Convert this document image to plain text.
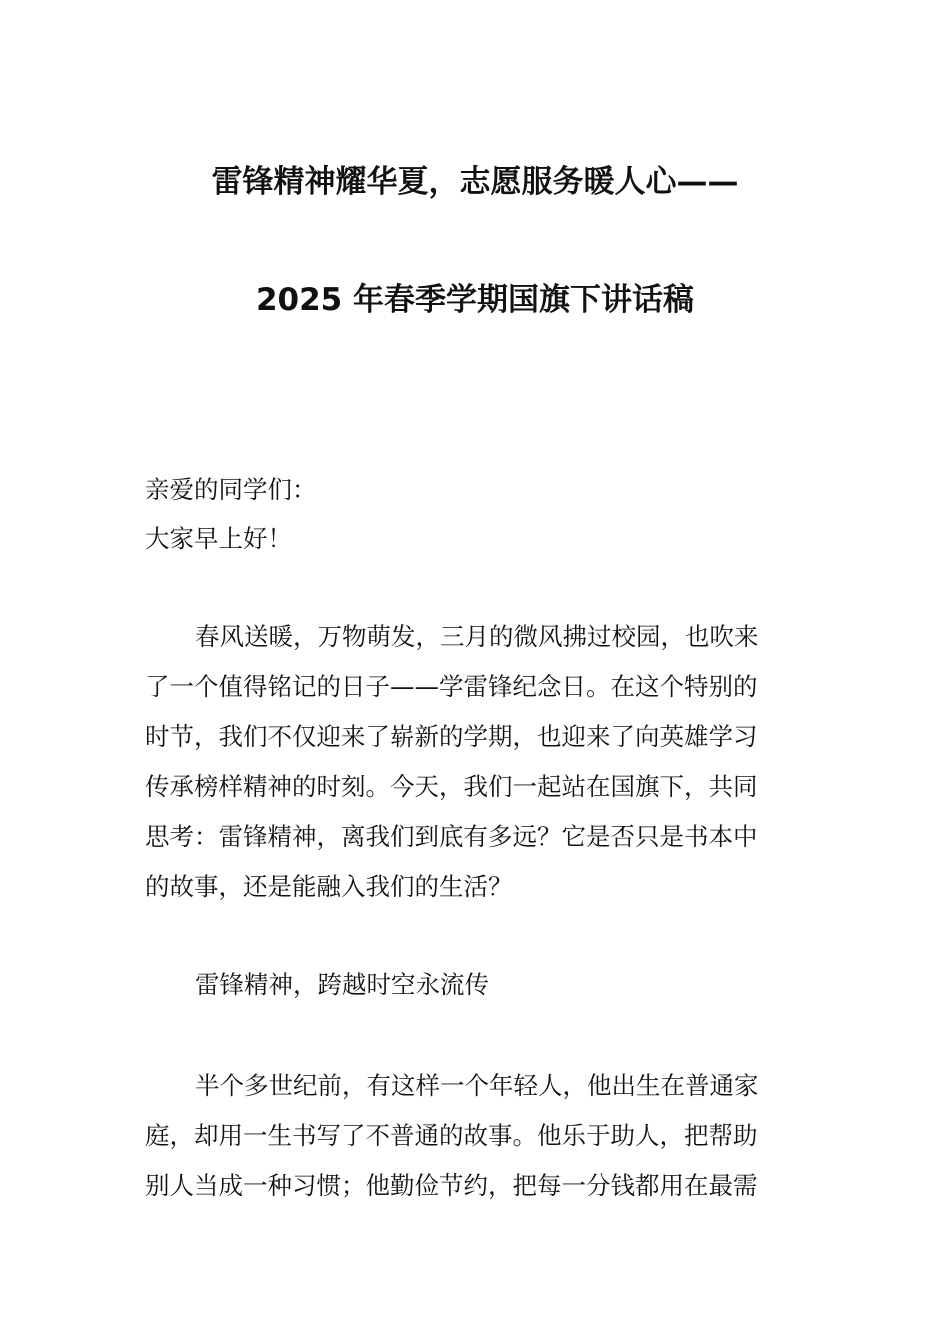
雷锋精神耀华夏，志愿服务暖人心——
2025 年春季学期国旗下讲话稿
亲爱的同学们：
大家早上好！
春风送暖，万物萌发，三月的微风拂过校园，也吹来
了一个值得铭记的日子——学雷锋纪念日。在这个特别的
时节，我们不仅迎来了崭新的学期，也迎来了向英雄学习
传承榜样精神的时刻。今天，我们一起站在国旗下，共同
思考：雷锋精神，离我们到底有多远？它是否只是书本中
的故事，还是能融入我们的生活？
雷锋精神，跨越时空永流传
半个多世纪前，有这样一个年轻人，他出生在普通家
庭，却用一生书写了不普通的故事。他乐于助人，把帮助
别人当成一种习惯；他勤俭节约，把每一分钱都用在最需
